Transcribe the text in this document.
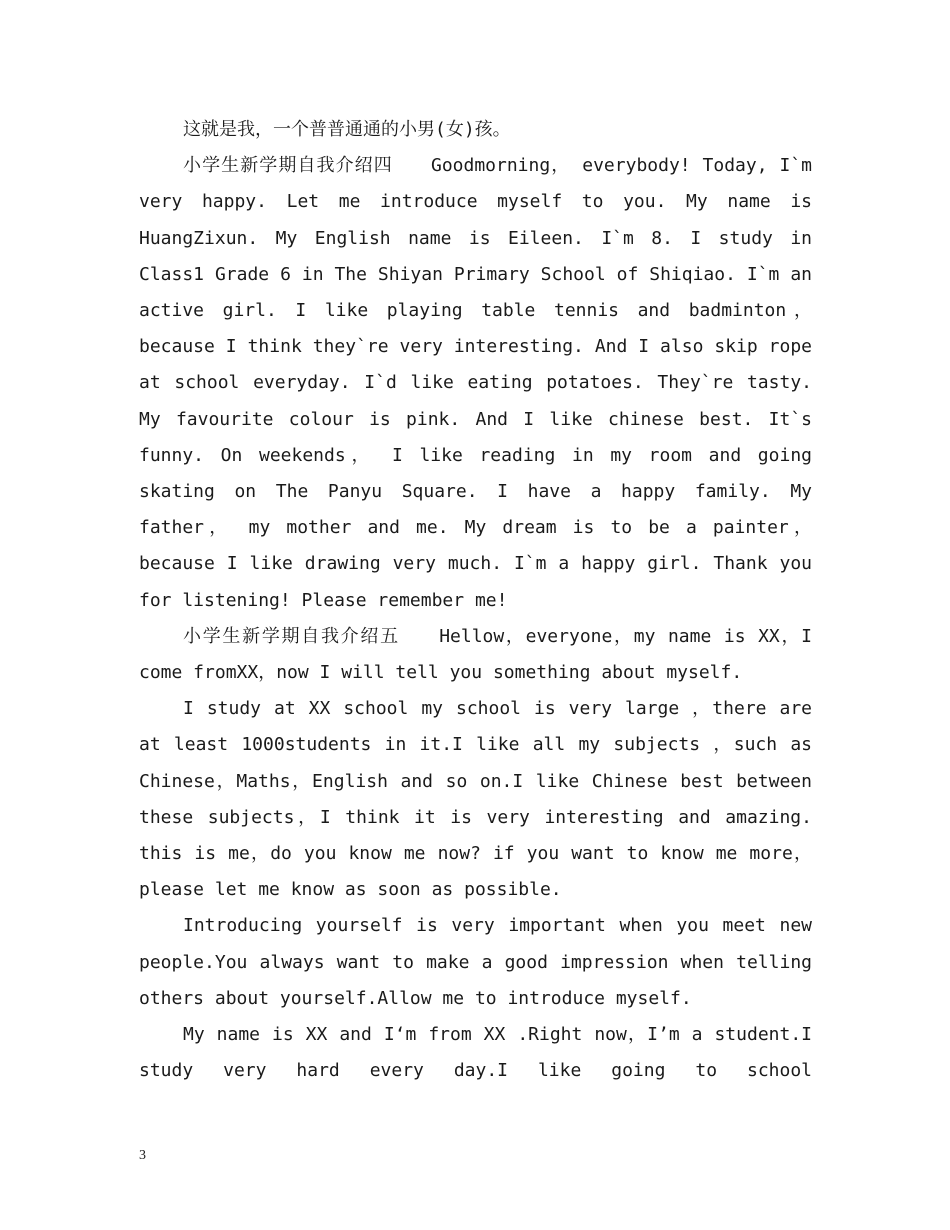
这就是我，一个普普通通的小男(女)孩。

小学生新学期自我介绍四　　Goodmorning， everybody! Today, I`m very happy. Let me introduce myself to you. My name is HuangZixun. My English name is Eileen. I`m 8. I study in Class1 Grade 6 in The Shiyan Primary School of Shiqiao. I`m an active girl. I like playing table tennis and badminton，because I think they`re very interesting. And I also skip rope at school everyday. I`d like eating potatoes. They`re tasty. My favourite colour is pink. And I like chinese best. It`s funny. On weekends， I like reading in my room and going skating on The Panyu Square. I have a happy family. My father， my mother and me. My dream is to be a painter， because I like drawing very much. I`m a happy girl. Thank you for listening! Please remember me!

小学生新学期自我介绍五　　Hellow，everyone，my name is XX，I come fromXX，now I will tell you something about myself.

I study at XX school my school is very large ，there are at least 1000students in it.I like all my subjects ，such as Chinese，Maths，English and so on.I like Chinese best between these subjects，I think it is very interesting and amazing. this is me，do you know me now? if you want to know me more，please let me know as soon as possible.

Introducing yourself is very important when you meet new people.You always want to make a good impression when telling others about yourself.Allow me to introduce myself.

My name is XX and I‘m from XX .Right now，I’m a student.I study very hard every day.I like going to school

3
